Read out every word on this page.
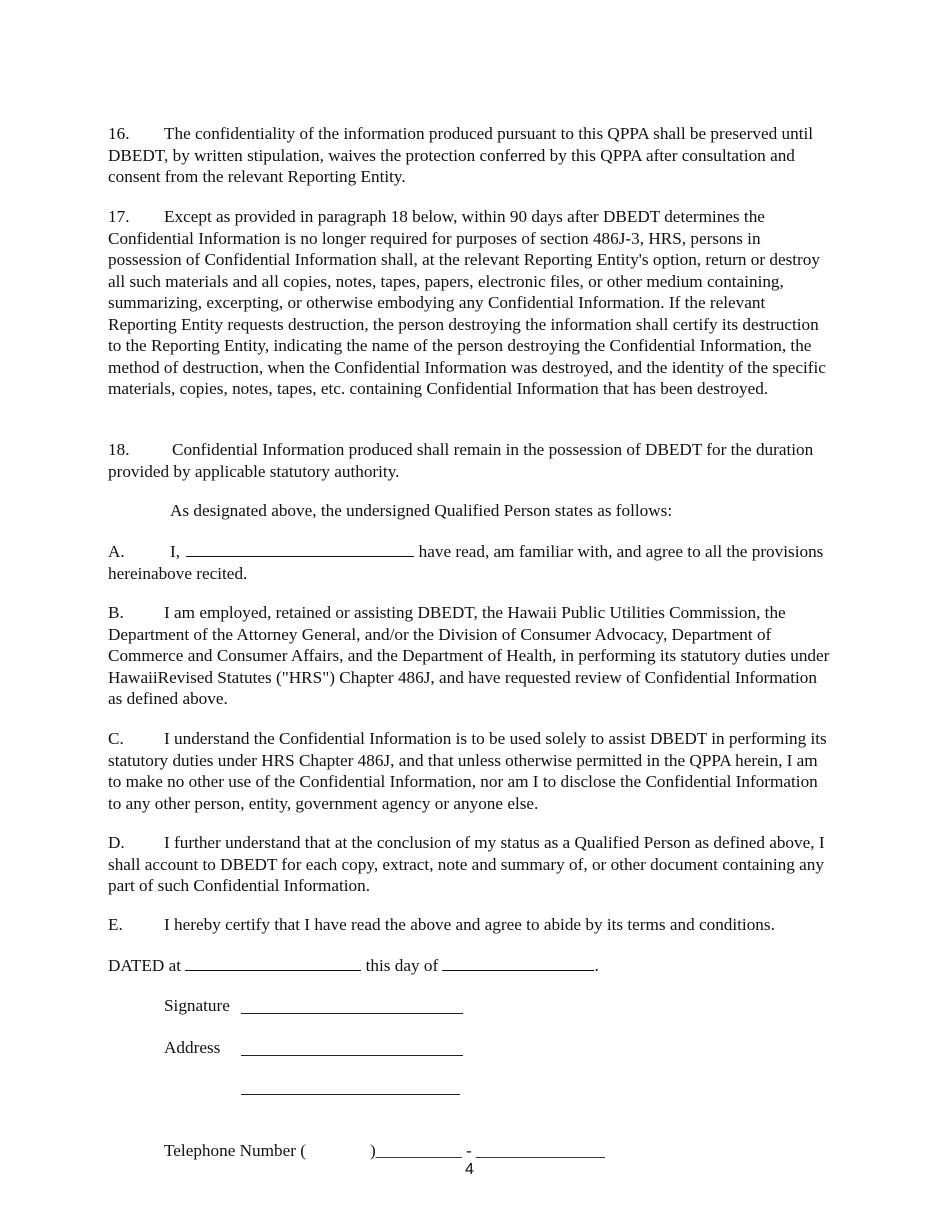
16. The confidentiality of the information produced pursuant to this QPPA shall be preserved until DBEDT, by written stipulation, waives the protection conferred by this QPPA after consultation and consent from the relevant Reporting Entity.
17. Except as provided in paragraph 18 below, within 90 days after DBEDT determines the Confidential Information is no longer required for purposes of section 486J-3, HRS, persons in possession of Confidential Information shall, at the relevant Reporting Entity's option, return or destroy all such materials and all copies, notes, tapes, papers, electronic files, or other medium containing, summarizing, excerpting, or otherwise embodying any Confidential Information. If the relevant Reporting Entity requests destruction, the person destroying the information shall certify its destruction to the Reporting Entity, indicating the name of the person destroying the Confidential Information, the method of destruction, when the Confidential Information was destroyed, and the identity of the specific materials, copies, notes, tapes, etc. containing Confidential Information that has been destroyed.
18. Confidential Information produced shall remain in the possession of DBEDT for the duration provided by applicable statutory authority.
As designated above, the undersigned Qualified Person states as follows:
A.	I,	have read, am familiar with, and agree to all the provisions hereinabove recited.
B. I am employed, retained or assisting DBEDT, the Hawaii Public Utilities Commission, the Department of the Attorney General, and/or the Division of Consumer Advocacy, Department of Commerce and Consumer Affairs, and the Department of Health, in performing its statutory duties under HawaiiRevised Statutes ("HRS") Chapter 486J, and have requested review of Confidential Information as defined above.
C. I understand the Confidential Information is to be used solely to assist DBEDT in performing its statutory duties under HRS Chapter 486J, and that unless otherwise permitted in the QPPA herein, I am to make no other use of the Confidential Information, nor am I to disclose the Confidential Information to any other person, entity, government agency or anyone else.
D. I further understand that at the conclusion of my status as a Qualified Person as defined above, I shall account to DBEDT for each copy, extract, note and summary of, or other document containing any part of such Confidential Information.
E. I hereby certify that I have read the above and agree to abide by its terms and conditions.
DATED at	this day of	.
Signature
Address
Telephone Number (	)__________ - _______________
4
